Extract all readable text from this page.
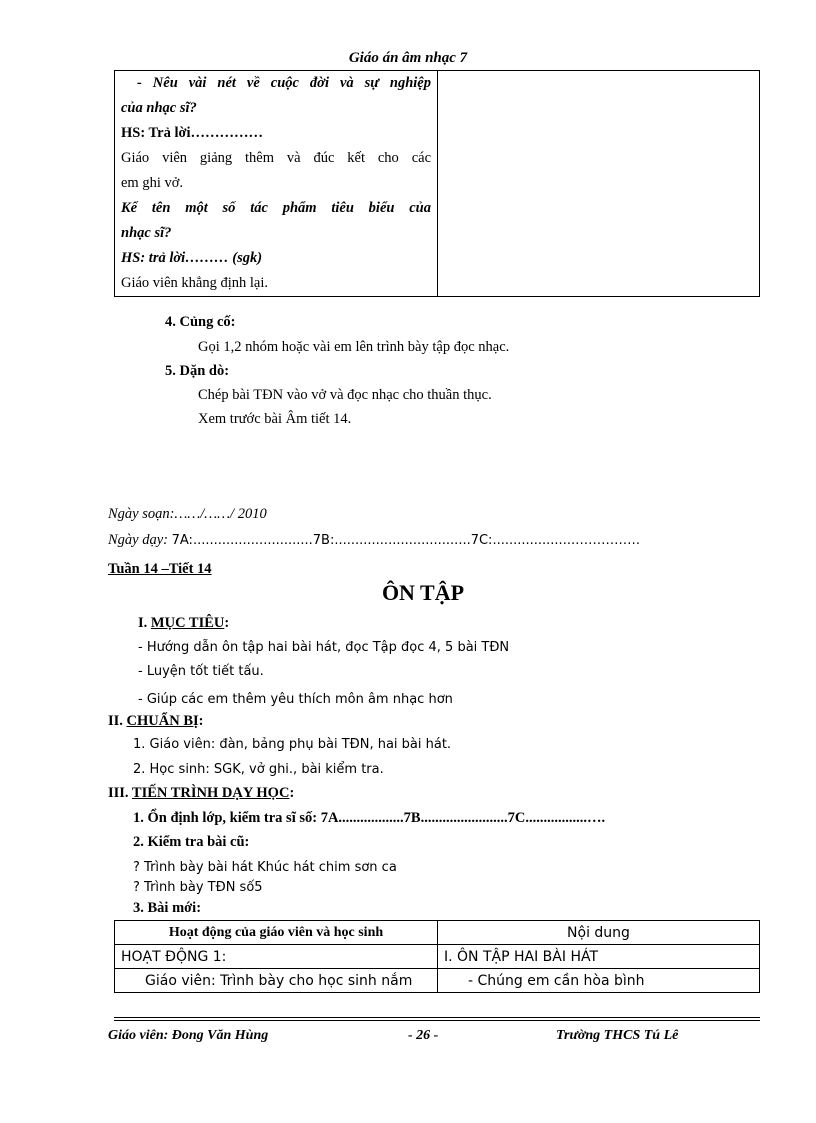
Giáo án âm nhạc 7
- Nêu vài nét về cuộc đời và sự nghiệp
của nhạc sĩ?
HS: Trả lời……………
Giáo viên giảng thêm và đúc kết cho các
em ghi vở.
Kể tên một số tác phẩm tiêu biểu của
nhạc sĩ?
HS: trả lời……… (sgk)
Giáo viên khẳng định lại.

4. Củng cố:
Gọi 1,2 nhóm hoặc vài em lên trình bày tập đọc nhạc.
5. Dặn dò:
Chép bài TĐN vào vở và đọc nhạc cho thuần thục.
Xem trước bài Âm tiết 14.
Ngày soạn:……/……/ 2010
Ngày dạy: 7A:.............................7B:.................................7C:....................……………
Tuần 14 –Tiết 14
ÔN TẬP
I. MỤC TIÊU:
- Hướng dẫn ôn tập hai bài hát, đọc Tập đọc 4, 5 bài TĐN
- Luyện tốt tiết tấu.
- Giúp các em thêm yêu thích môn âm nhạc hơn
II. CHUẨN BỊ:
1. Giáo viên: đàn, bảng phụ bài TĐN, hai bài hát.
2. Học sinh: SGK, vở ghi., bài kiểm tra.
III. TIẾN TRÌNH DẠY HỌC:
1. Ổn định lớp, kiểm tra sĩ số: 7A..................7B........................7C.................….
2. Kiểm tra bài cũ:
? Trình bày bài hát Khúc hát chim sơn ca
? Trình bày TĐN số5
3. Bài mới:
Hoạt động của giáo viên và học sinh	Nội dung
HOẠT ĐỘNG 1:	I. ÔN TẬP HAI BÀI HÁT
Giáo viên: Trình bày cho học sinh nắm	- Chúng em cần hòa bình
Giáo viên: Đong Văn Hùng	- 26 -	Trường THCS Tú Lê
